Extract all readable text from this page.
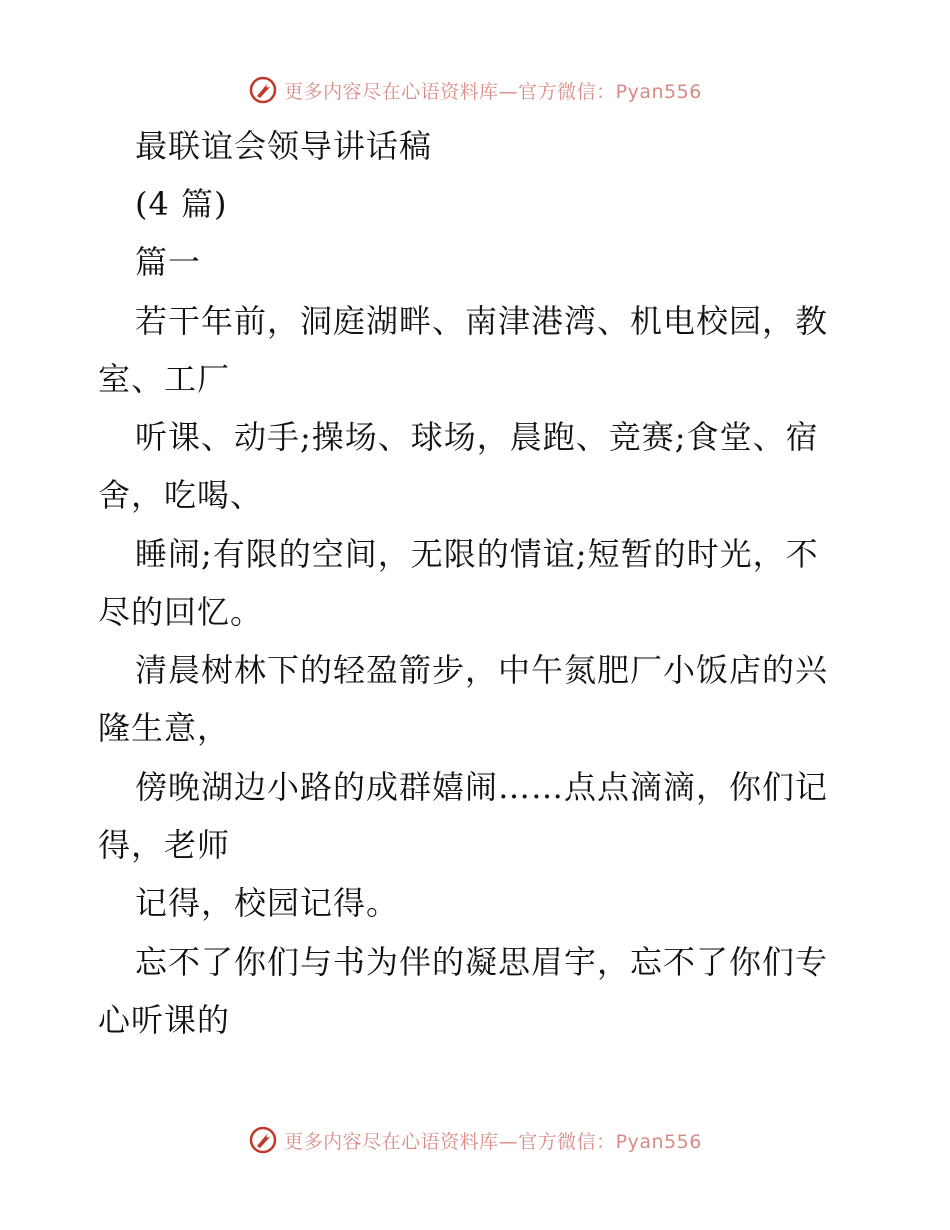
更多内容尽在心语资料库—官方微信：Pyan556
最联谊会领导讲话稿
(4 篇)
篇一
若干年前，洞庭湖畔、南津港湾、机电校园，教
室、工厂
听课、动手;操场、球场，晨跑、竞赛;食堂、宿
舍，吃喝、
睡闹;有限的空间，无限的情谊;短暂的时光，不
尽的回忆。
清晨树林下的轻盈箭步，中午氮肥厂小饭店的兴
隆生意，
傍晚湖边小路的成群嬉闹……点点滴滴，你们记
得，老师
记得，校园记得。
忘不了你们与书为伴的凝思眉宇，忘不了你们专
心听课的
更多内容尽在心语资料库—官方微信：Pyan556
